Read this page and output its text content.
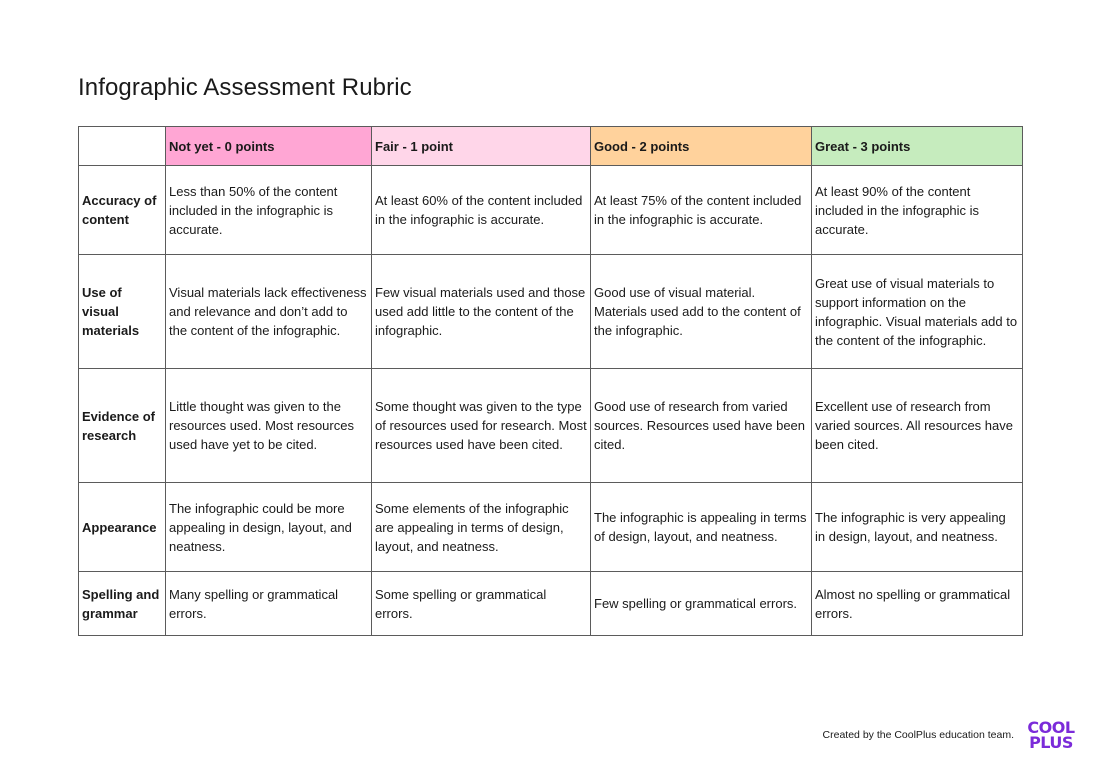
Infographic Assessment Rubric
	Not yet - 0 points	Fair - 1 point	Good - 2 points	Great - 3 points
Accuracy of content	Less than 50% of the content included in the infographic is accurate.	At least 60% of the content included in the infographic is accurate.	At least 75% of the content included in the infographic is accurate.	At least 90% of the content included in the infographic is accurate.
Use of visual materials	Visual materials lack effectiveness and relevance and don’t add to the content of the infographic.	Few visual materials used and those used add little to the content of the infographic.	Good use of visual material. Materials used add to the content of the infographic.	Great use of visual materials to support information on the infographic. Visual materials add to the content of the infographic.
Evidence of research	Little thought was given to the resources used. Most resources used have yet to be cited.	Some thought was given to the type of resources used for research. Most resources used have been cited.	Good use of research from varied sources. Resources used have been cited.	Excellent use of research from varied sources. All resources have been cited.
Appearance	The infographic could be more appealing in design, layout, and neatness.	Some elements of the infographic are appealing in terms of design, layout, and neatness.	The infographic is appealing in terms of design, layout, and neatness.	The infographic is very appealing in design, layout, and neatness.
Spelling and grammar	Many spelling or grammatical errors.	Some spelling or grammatical errors.	Few spelling or grammatical errors.	Almost no spelling or grammatical errors.
Created by the CoolPlus education team. COOL
PLUS
